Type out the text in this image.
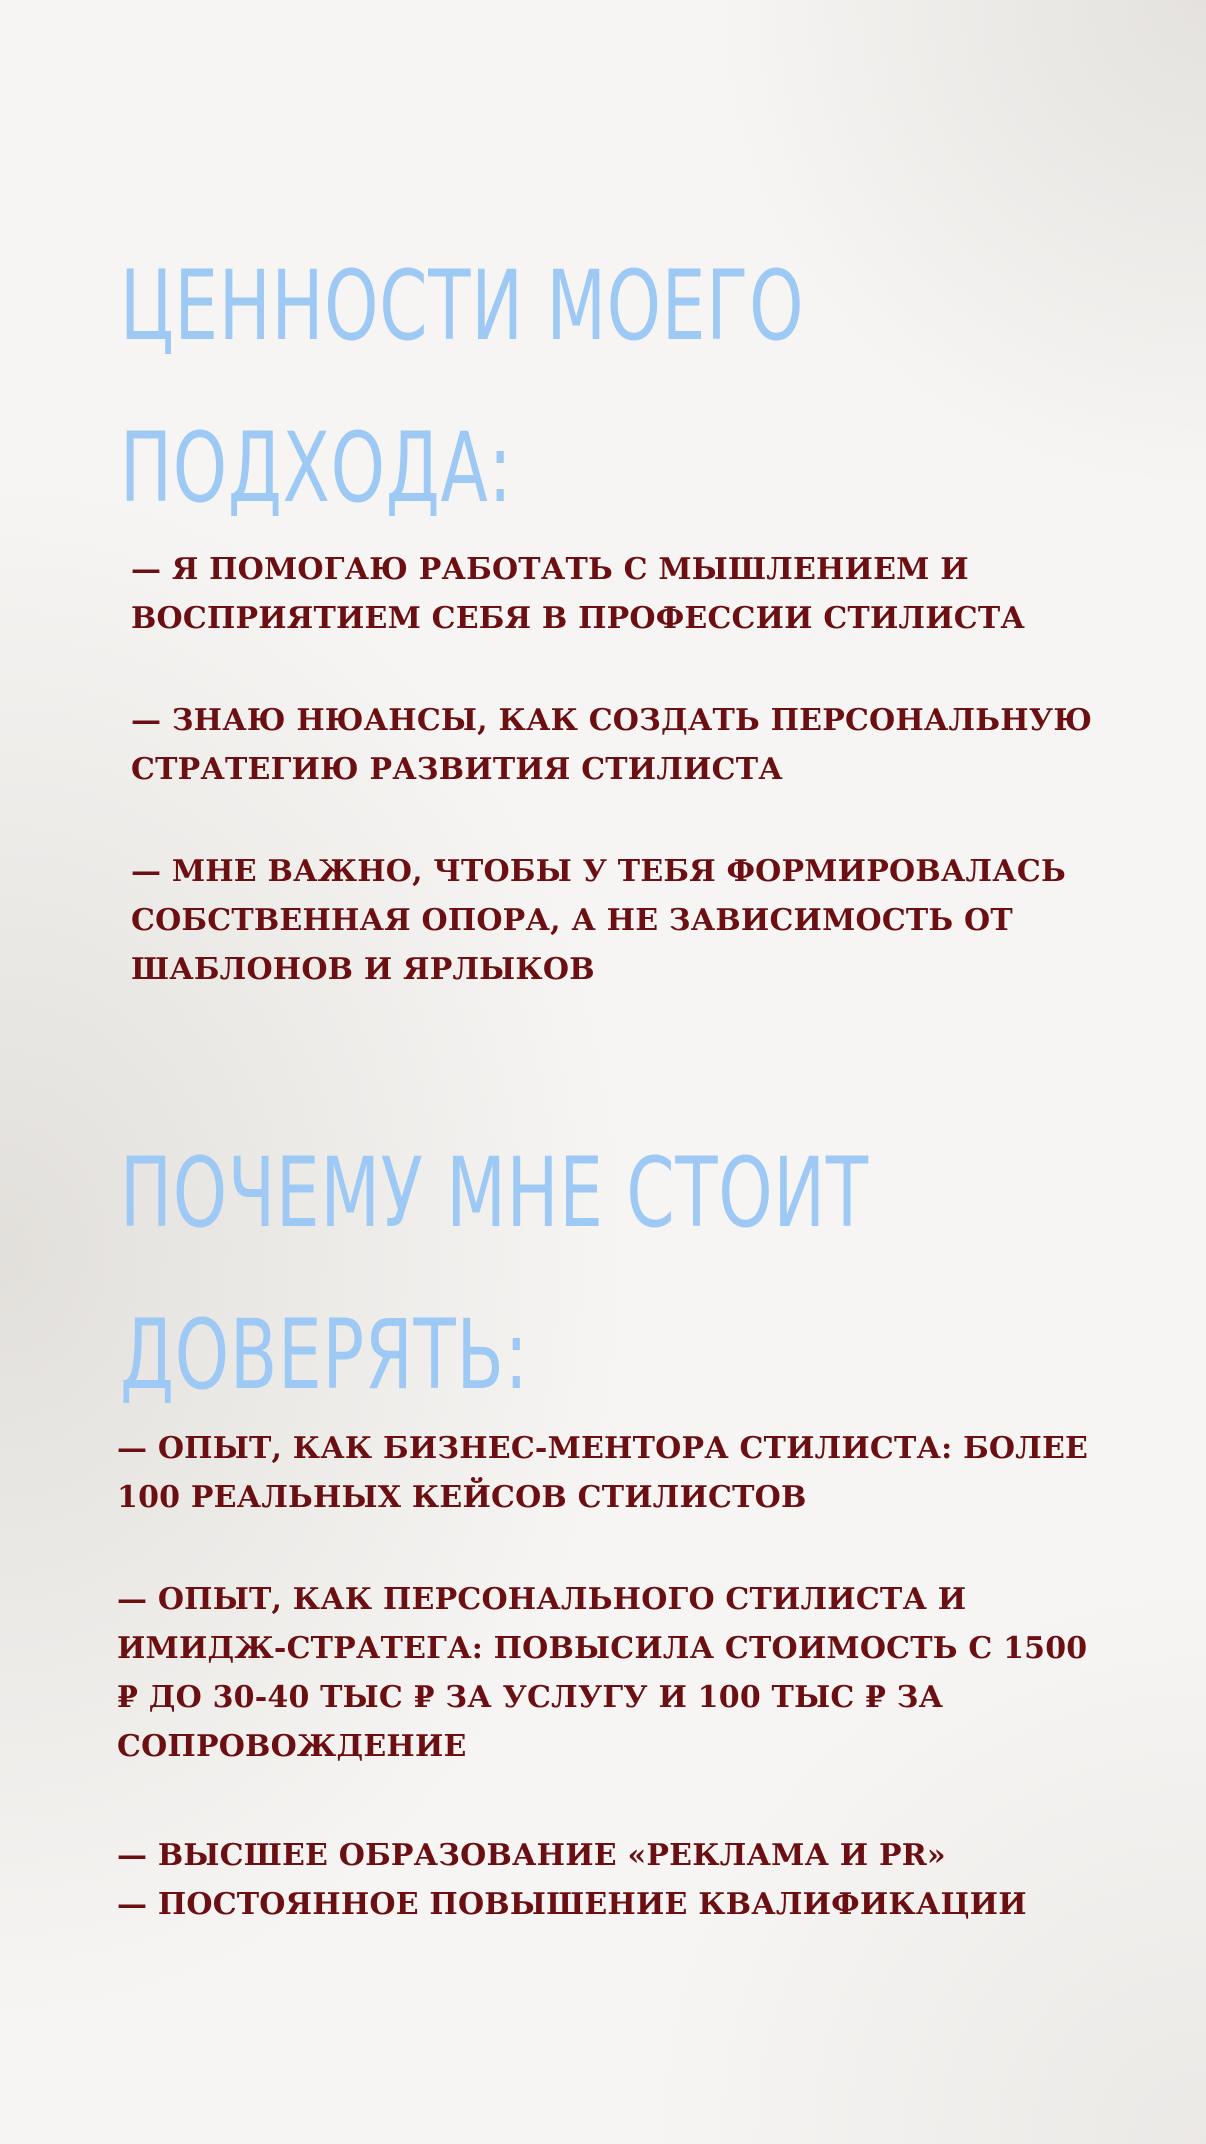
ЦЕННОСТИ МОЕГО
ПОДХОДА:

— Я ПОМОГАЮ РАБОТАТЬ С МЫШЛЕНИЕМ И
ВОСПРИЯТИЕМ СЕБЯ В ПРОФЕССИИ СТИЛИСТА

— ЗНАЮ НЮАНСЫ, КАК СОЗДАТЬ ПЕРСОНАЛЬНУЮ
СТРАТЕГИЮ РАЗВИТИЯ СТИЛИСТА

— МНЕ ВАЖНО, ЧТОБЫ У ТЕБЯ ФОРМИРОВАЛАСЬ
СОБСТВЕННАЯ ОПОРА, А НЕ ЗАВИСИМОСТЬ ОТ
ШАБЛОНОВ И ЯРЛЫКОВ

ПОЧЕМУ МНЕ СТОИТ
ДОВЕРЯТЬ:

— ОПЫТ, КАК БИЗНЕС-МЕНТОРА СТИЛИСТА: БОЛЕЕ
100 РЕАЛЬНЫХ КЕЙСОВ СТИЛИСТОВ

— ОПЫТ, КАК ПЕРСОНАЛЬНОГО СТИЛИСТА И
ИМИДЖ-СТРАТЕГА: ПОВЫСИЛА СТОИМОСТЬ С 1500
₽ ДО 30-40 ТЫС ₽ ЗА УСЛУГУ И 100 ТЫС ₽ ЗА
СОПРОВОЖДЕНИЕ

— ВЫСШЕЕ ОБРАЗОВАНИЕ «РЕКЛАМА И PR»
— ПОСТОЯННОЕ ПОВЫШЕНИЕ КВАЛИФИКАЦИИ
